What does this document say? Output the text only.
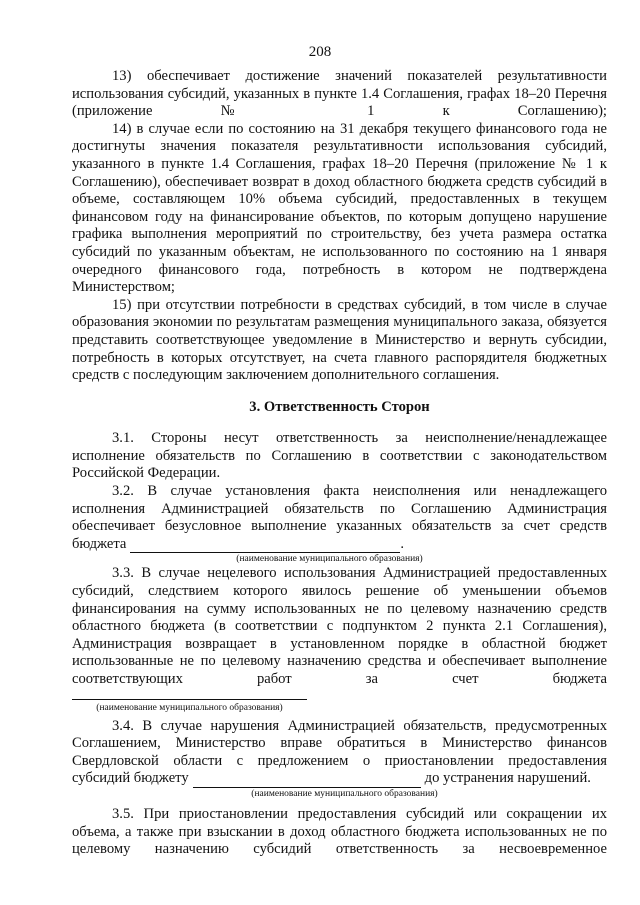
208

13) обеспечивает достижение значений показателей результативности использования субсидий, указанных в пункте 1.4 Соглашения, графах 18–20 Перечня (приложение № 1 к Соглашению);

14) в случае если по состоянию на 31 декабря текущего финансового года не достигнуты значения показателя результативности использования субсидий, указанного в пункте 1.4 Соглашения, графах 18–20 Перечня (приложение № 1 к Соглашению), обеспечивает возврат в доход областного бюджета средств субсидий в объеме, составляющем 10% объема субсидий, предоставленных в текущем финансовом году на финансирование объектов, по которым допущено нарушение графика выполнения мероприятий по строительству, без учета размера остатка субсидий по указанным объектам, не использованного по состоянию на 1 января очередного финансового года, потребность в котором не подтверждена Министерством;

15) при отсутствии потребности в средствах субсидий, в том числе в случае образования экономии по результатам размещения муниципального заказа, обязуется представить соответствующее уведомление в Министерство и вернуть субсидии, потребность в которых отсутствует, на счета главного распорядителя бюджетных средств с последующим заключением дополнительного соглашения.

3. Ответственность Сторон

3.1. Стороны несут ответственность за неисполнение/ненадлежащее исполнение обязательств по Соглашению в соответствии с законодательством Российской Федерации.

3.2. В случае установления факта неисполнения или ненадлежащего исполнения Администрацией обязательств по Соглашению Администрация обеспечивает безусловное выполнение указанных обязательств за счет средств

бюджета	.

(наименование муниципального образования)

3.3. В случае нецелевого использования Администрацией предоставленных субсидий, следствием которого явилось решение об уменьшении объемов финансирования на сумму использованных не по целевому назначению средств областного бюджета (в соответствии с подпунктом 2 пункта 2.1 Соглашения), Администрация возвращает в установленном порядке в областной бюджет использованные не по целевому назначению средства и обеспечивает выполнение соответствующих работ за счет бюджета

(наименование муниципального образования)

3.4. В случае нарушения Администрацией обязательств, предусмотренных Соглашением, Министерство вправе обратиться в Министерство финансов Свердловской области с предложением о приостановлении предоставления

субсидий бюджету	до устранения нарушений.

(наименование муниципального образования)

3.5. При приостановлении предоставления субсидий или сокращении их объема, а также при взыскании в доход областного бюджета использованных не по целевому назначению субсидий ответственность за несвоевременное
